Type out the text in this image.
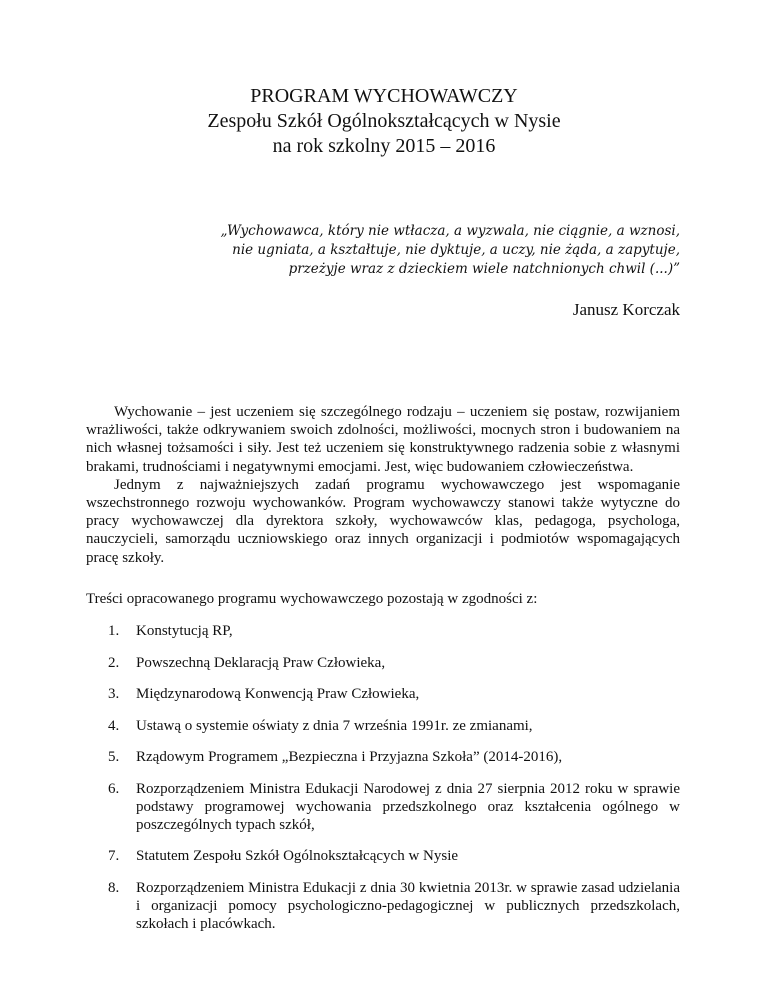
PROGRAM WYCHOWAWCZY
Zespołu Szkół Ogólnokształcących w Nysie
na rok szkolny 2015 – 2016
„Wychowawca, który nie wtłacza, a wyzwala, nie ciągnie, a wznosi,
nie ugniata, a kształtuje, nie dyktuje, a uczy, nie żąda, a zapytuje,
przeżyje wraz z dzieckiem wiele natchnionych chwil (...)”
Janusz Korczak

Wychowanie – jest uczeniem się szczególnego rodzaju – uczeniem się postaw, rozwijaniem wrażliwości, także odkrywaniem swoich zdolności, możliwości, mocnych stron i budowaniem na nich własnej tożsamości i siły. Jest też uczeniem się konstruktywnego radzenia sobie z własnymi brakami, trudnościami i negatywnymi emocjami. Jest, więc budowaniem człowieczeństwa.

Jednym z najważniejszych zadań programu wychowawczego jest wspomaganie wszechstronnego rozwoju wychowanków. Program wychowawczy stanowi także wytyczne do pracy wychowawczej dla dyrektora szkoły, wychowawców klas, pedagoga, psychologa, nauczycieli, samorządu uczniowskiego oraz innych organizacji i podmiotów wspomagających pracę szkoły.

Treści opracowanego programu wychowawczego pozostają w zgodności z:
1. Konstytucją RP,
2. Powszechną Deklaracją Praw Człowieka,
3. Międzynarodową Konwencją Praw Człowieka,
4. Ustawą o systemie oświaty z dnia 7 września 1991r. ze zmianami,
5. Rządowym Programem „Bezpieczna i Przyjazna Szkoła” (2014-2016),
6. Rozporządzeniem Ministra Edukacji Narodowej z dnia 27 sierpnia 2012 roku w sprawie podstawy programowej wychowania przedszkolnego oraz kształcenia ogólnego w poszczególnych typach szkół,
7. Statutem Zespołu Szkół Ogólnokształcących w Nysie
8. Rozporządzeniem Ministra Edukacji z dnia 30 kwietnia 2013r. w sprawie zasad udzielania i organizacji pomocy psychologiczno-pedagogicznej w publicznych przedszkolach, szkołach i placówkach.
